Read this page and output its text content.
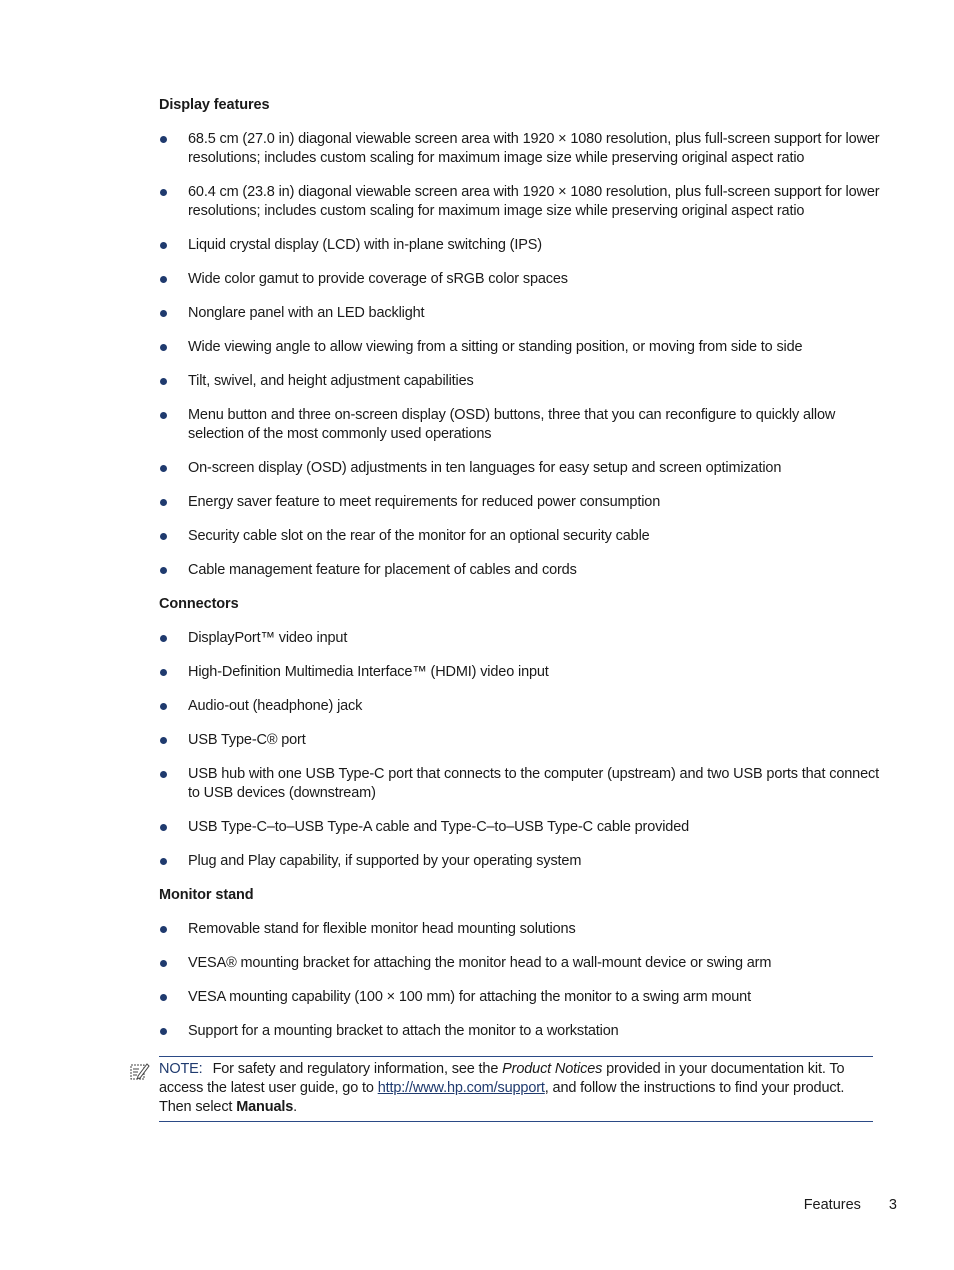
Display features
68.5 cm (27.0 in) diagonal viewable screen area with 1920 × 1080 resolution, plus full-screen support for lower resolutions; includes custom scaling for maximum image size while preserving original aspect ratio
60.4 cm (23.8 in) diagonal viewable screen area with 1920 × 1080 resolution, plus full-screen support for lower resolutions; includes custom scaling for maximum image size while preserving original aspect ratio
Liquid crystal display (LCD) with in-plane switching (IPS)
Wide color gamut to provide coverage of sRGB color spaces
Nonglare panel with an LED backlight
Wide viewing angle to allow viewing from a sitting or standing position, or moving from side to side
Tilt, swivel, and height adjustment capabilities
Menu button and three on-screen display (OSD) buttons, three that you can reconfigure to quickly allow selection of the most commonly used operations
On-screen display (OSD) adjustments in ten languages for easy setup and screen optimization
Energy saver feature to meet requirements for reduced power consumption
Security cable slot on the rear of the monitor for an optional security cable
Cable management feature for placement of cables and cords
Connectors
DisplayPort™ video input
High-Definition Multimedia Interface™ (HDMI) video input
Audio-out (headphone) jack
USB Type-C® port
USB hub with one USB Type-C port that connects to the computer (upstream) and two USB ports that connect to USB devices (downstream)
USB Type-C–to–USB Type-A cable and Type-C–to–USB Type-C cable provided
Plug and Play capability, if supported by your operating system
Monitor stand
Removable stand for flexible monitor head mounting solutions
VESA® mounting bracket for attaching the monitor head to a wall-mount device or swing arm
VESA mounting capability (100 × 100 mm) for attaching the monitor to a swing arm mount
Support for a mounting bracket to attach the monitor to a workstation
NOTE: For safety and regulatory information, see the Product Notices provided in your documentation kit. To access the latest user guide, go to http://www.hp.com/support, and follow the instructions to find your product. Then select Manuals.
Features 3
